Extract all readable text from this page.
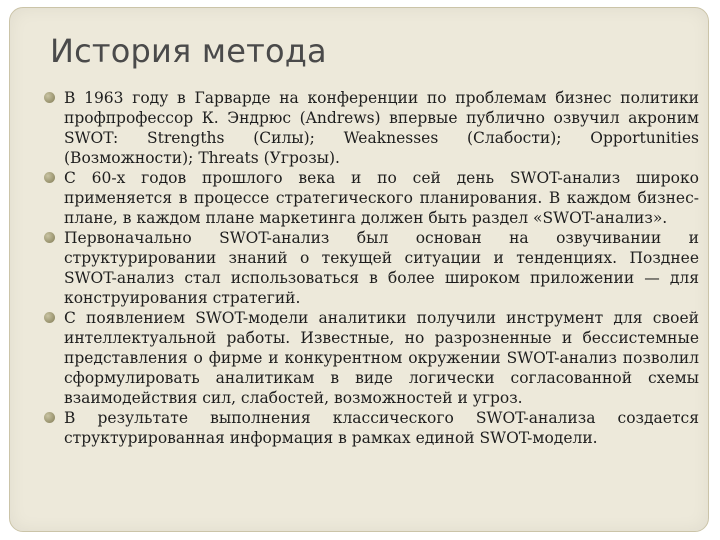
История метода
В 1963 году в Гарварде на конференции по проблемам бизнес политики профпрофессор К. Эндрюс (Andrews) впервые публично озвучил акроним SWOT: Strengths (Силы); Weaknesses (Слабости); Opportunities (Возможности); Threats (Угрозы).
С 60-х годов прошлого века и по сей день SWOT-анализ широко применяется в процессе стратегического планирования. В каждом бизнес-плане, в каждом плане маркетинга должен быть раздел «SWOT-анализ».
Первоначально SWOT-анализ был основан на озвучивании и структурировании знаний о текущей ситуации и тенденциях. Позднее SWOT-анализ стал использоваться в более широком приложении — для конструирования стратегий.
С появлением SWOT-модели аналитики получили инструмент для своей интеллектуальной работы. Известные, но разрозненные и бессистемные представления о фирме и конкурентном окружении SWOT-анализ позволил сформулировать аналитикам в виде логически согласованной схемы взаимодействия сил, слабостей, возможностей и угроз.
В результате выполнения классического SWOT-анализа создается структурированная информация в рамках единой SWOT-модели.
